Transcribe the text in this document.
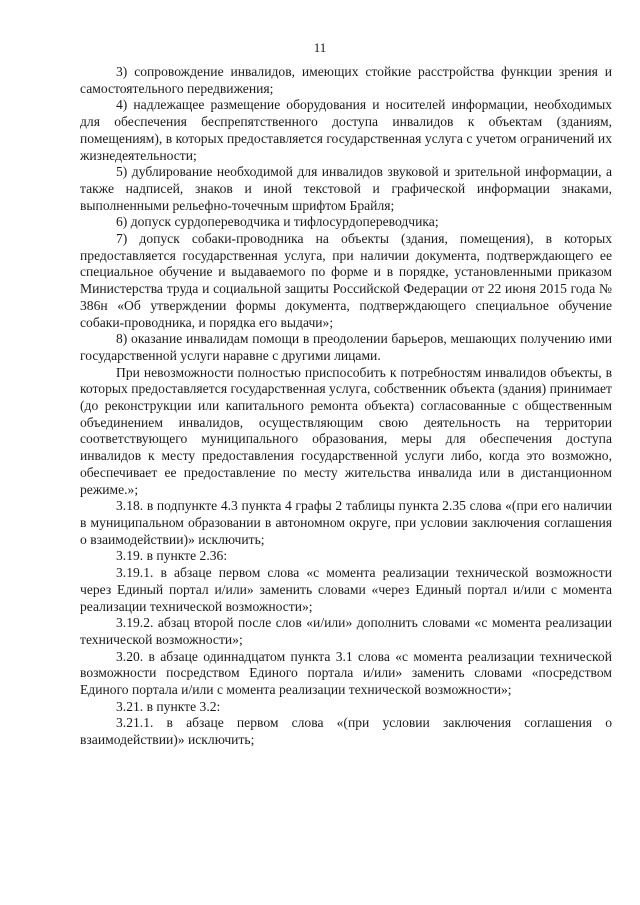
11

3) сопровождение инвалидов, имеющих стойкие расстройства функции зрения и самостоятельного передвижения;

4) надлежащее размещение оборудования и носителей информации, необходимых для обеспечения беспрепятственного доступа инвалидов к объектам (зданиям, помещениям), в которых предоставляется государственная услуга с учетом ограничений их жизнедеятельности;

5) дублирование необходимой для инвалидов звуковой и зрительной информации, а также надписей, знаков и иной текстовой и графической информации знаками, выполненными рельефно-точечным шрифтом Брайля;

6) допуск сурдопереводчика и тифлосурдопереводчика;

7) допуск собаки-проводника на объекты (здания, помещения), в которых предоставляется государственная услуга, при наличии документа, подтверждающего ее специальное обучение и выдаваемого по форме и в порядке, установленными приказом Министерства труда и социальной защиты Российской Федерации от 22 июня 2015 года № 386н «Об утверждении формы документа, подтверждающего специальное обучение собаки-проводника, и порядка его выдачи»;

8) оказание инвалидам помощи в преодолении барьеров, мешающих получению ими государственной услуги наравне с другими лицами.

При невозможности полностью приспособить к потребностям инвалидов объекты, в которых предоставляется государственная услуга, собственник объекта (здания) принимает (до реконструкции или капитального ремонта объекта) согласованные с общественным объединением инвалидов, осуществляющим свою деятельность на территории соответствующего муниципального образования, меры для обеспечения доступа инвалидов к месту предоставления государственной услуги либо, когда это возможно, обеспечивает ее предоставление по месту жительства инвалида или в дистанционном режиме.»;

3.18. в подпункте 4.3 пункта 4 графы 2 таблицы пункта 2.35 слова «(при его наличии в муниципальном образовании в автономном округе, при условии заключения соглашения о взаимодействии)» исключить;

3.19. в пункте 2.36:

3.19.1. в абзаце первом слова «с момента реализации технической возможности через Единый портал и/или» заменить словами «через Единый портал и/или с момента реализации технической возможности»;

3.19.2. абзац второй после слов «и/или» дополнить словами «с момента реализации технической возможности»;

3.20. в абзаце одиннадцатом пункта 3.1 слова «с момента реализации технической возможности посредством Единого портала и/или» заменить словами «посредством Единого портала и/или с момента реализации технической возможности»;

3.21. в пункте 3.2:

3.21.1. в абзаце первом слова «(при условии заключения соглашения о взаимодействии)» исключить;
